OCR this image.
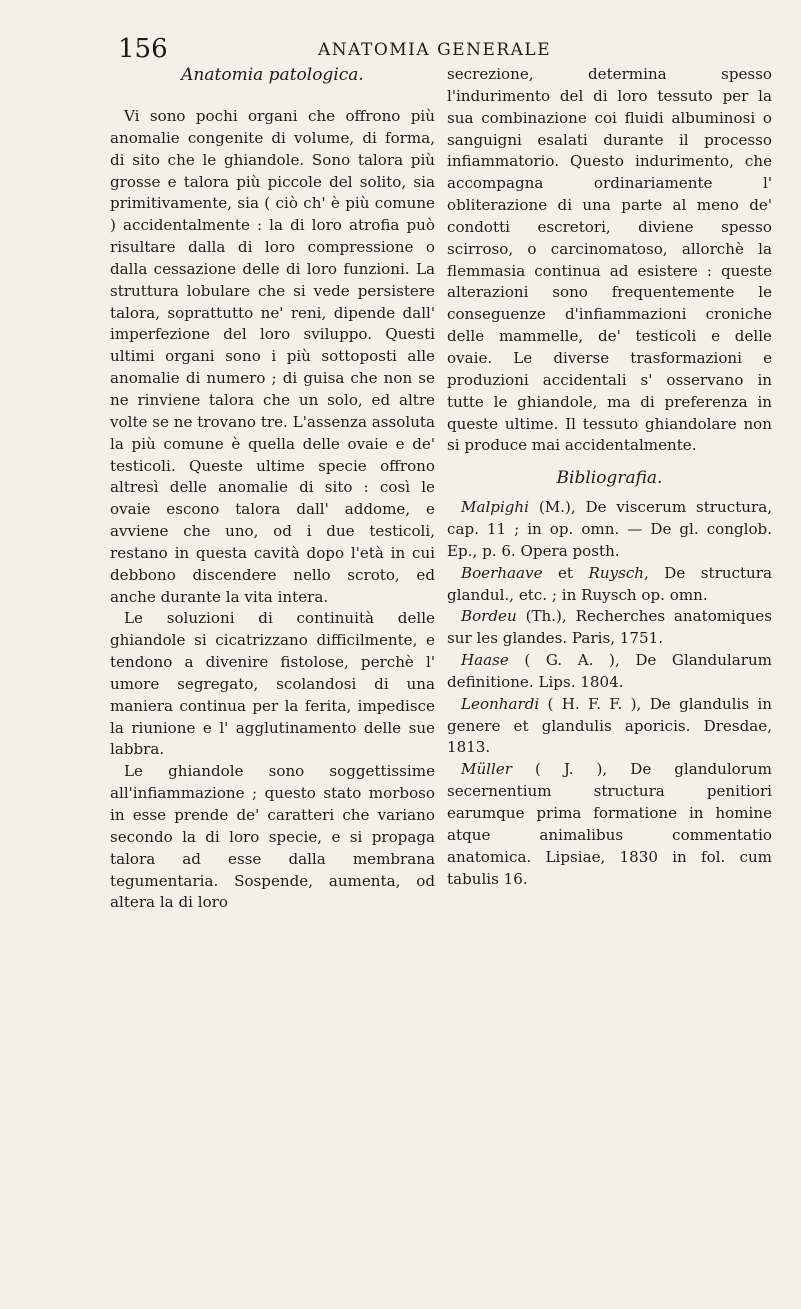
156	ANATOMIA GENERALE
Anatomia patologica.

Vi sono pochi organi che offrono più anomalie congenite di volume, di forma, di sito che le ghiandole. Sono talora più grosse e talora più piccole del solito, sia primitivamente, sia ( ciò ch' è più comune ) accidentalmente : la di loro atrofia può risultare dalla di loro compressione o dalla cessazione delle di loro funzioni. La struttura lobulare che si vede persistere talora, soprattutto ne' reni, dipende dall' imperfezione del loro sviluppo. Questi ultimi organi sono i più sottoposti alle anomalie di numero ; di guisa che non se ne rinviene talora che un solo, ed altre volte se ne trovano tre. L'assenza assoluta la più comune è quella delle ovaie e de' testicoli. Queste ultime specie offrono altresì delle anomalie di sito : così le ovaie escono talora dall' addome, e avviene che uno, od i due testicoli, restano in questa cavità dopo l'età in cui debbono discendere nello scroto, ed anche durante la vita intera.

Le soluzioni di continuità delle ghiandole si cicatrizzano difficilmente, e tendono a divenire fistolose, perchè l' umore segregato, scolandosi di una maniera continua per la ferita, impedisce la riunione e l' agglutinamento delle sue labbra.

Le ghiandole sono soggettissime all'infiammazione ; questo stato morboso in esse prende de' caratteri che variano secondo la di loro specie, e si propaga talora ad esse dalla membrana tegumentaria. Sospende, aumenta, od altera la di loro

secrezione, determina spesso l'indurimento del di loro tessuto per la sua combinazione coi fluidi albuminosi o sanguigni esalati durante il processo infiammatorio. Questo indurimento, che accompagna ordinariamente l' obliterazione di una parte al meno de' condotti escretori, diviene spesso scirroso, o carcinomatoso, allorchè la flemmasia continua ad esistere : queste alterazioni sono frequentemente le conseguenze d'infiammazioni croniche delle mammelle, de' testicoli e delle ovaie. Le diverse trasformazioni e produzioni accidentali s' osservano in tutte le ghiandole, ma di preferenza in queste ultime. Il tessuto ghiandolare non si produce mai accidentalmente.

Bibliografia.

Malpighi (M.), De viscerum structura, cap. 11 ; in op. omn. — De gl. conglob. Ep., p. 6. Opera posth.

Boerhaave et Ruysch, De structura glandul., etc. ; in Ruysch op. omn.

Bordeu (Th.), Recherches anatomiques sur les glandes. Paris, 1751.

Haase ( G. A. ), De Glandularum definitione. Lips. 1804.

Leonhardi ( H. F. F. ), De glandulis in genere et glandulis aporicis. Dresdae, 1813.

Müller ( J. ), De glandulorum secernentium structura penitiori earumque prima formatione in homine atque animalibus commentatio anatomica. Lipsiae, 1830 in fol. cum tabulis 16.
